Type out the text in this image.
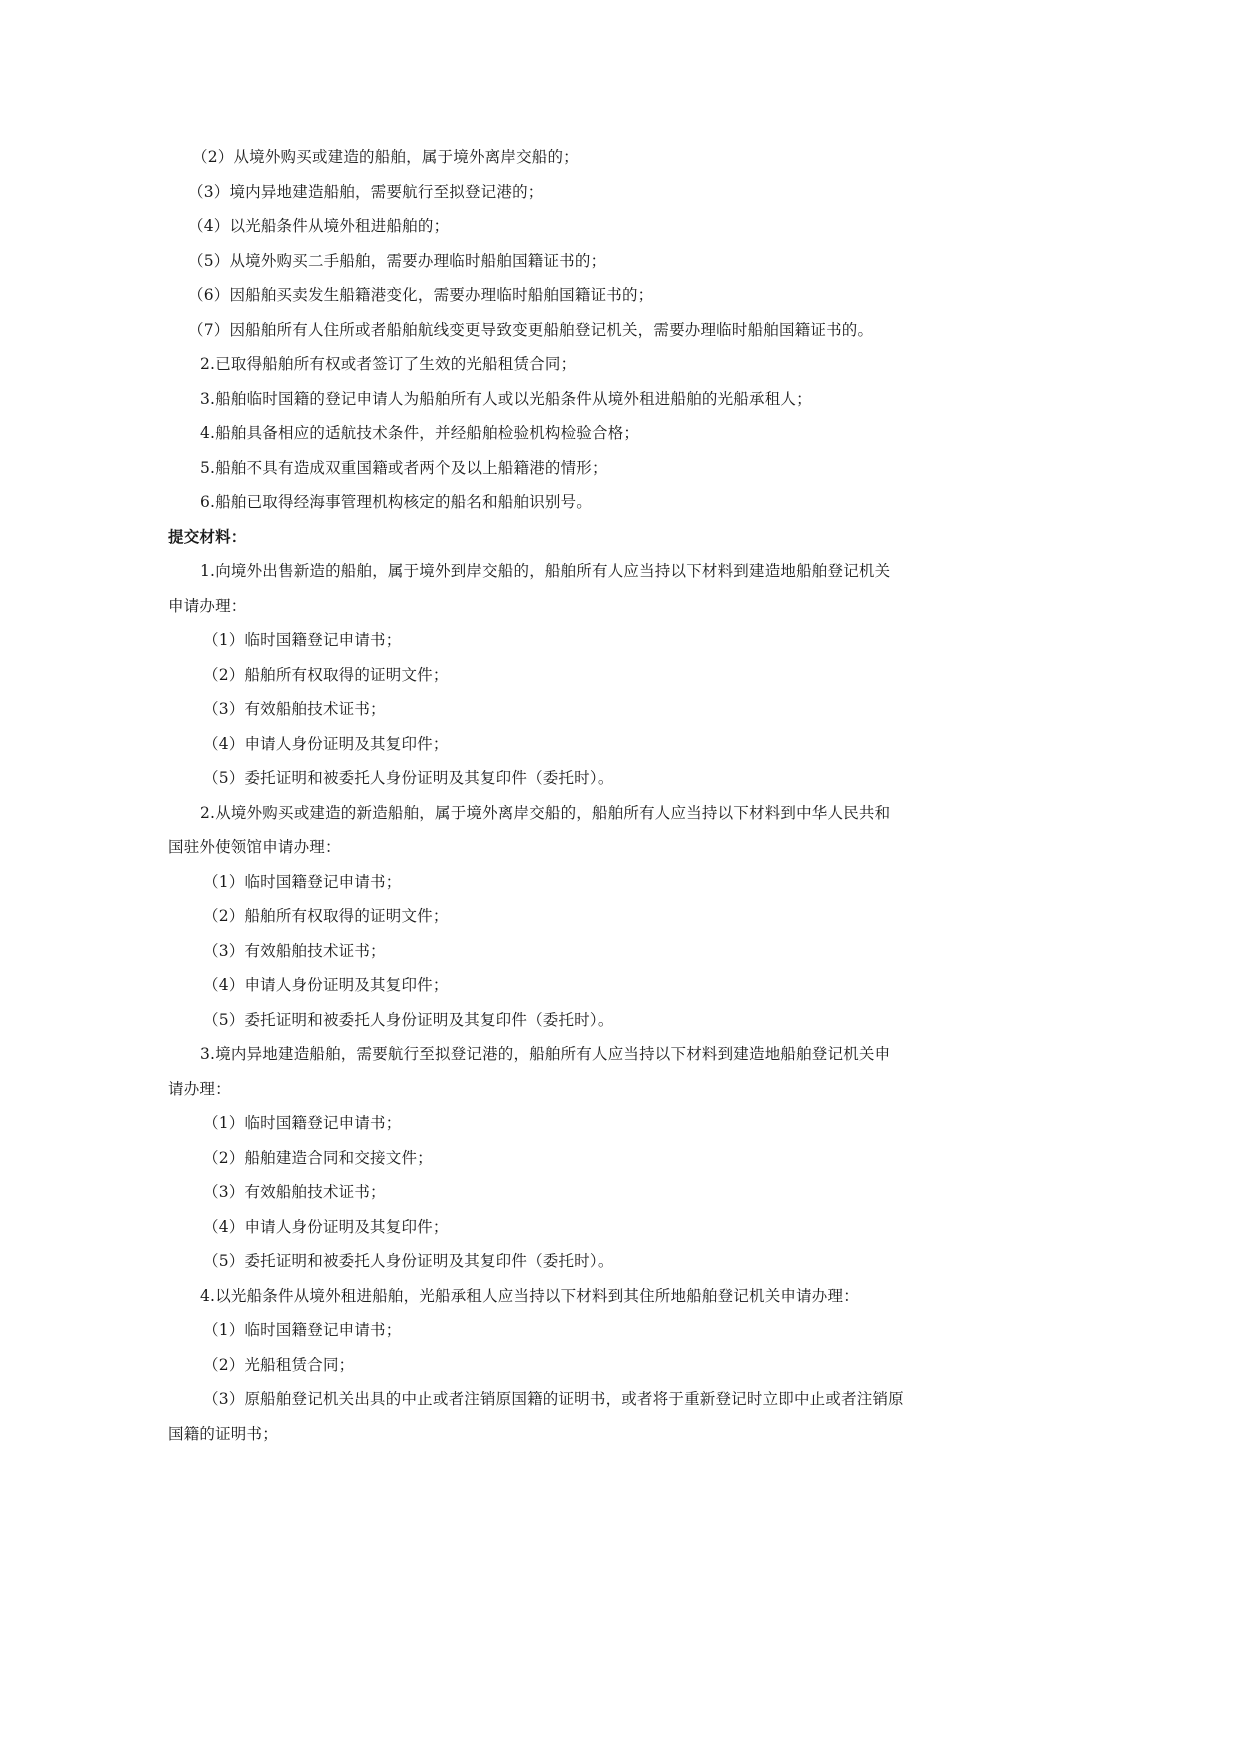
（2）从境外购买或建造的船舶，属于境外离岸交船的；
（3）境内异地建造船舶，需要航行至拟登记港的；
（4）以光船条件从境外租进船舶的；
（5）从境外购买二手船舶，需要办理临时船舶国籍证书的；
（6）因船舶买卖发生船籍港变化，需要办理临时船舶国籍证书的；
（7）因船舶所有人住所或者船舶航线变更导致变更船舶登记机关，需要办理临时船舶国籍证书的。
2.已取得船舶所有权或者签订了生效的光船租赁合同；
3.船舶临时国籍的登记申请人为船舶所有人或以光船条件从境外租进船舶的光船承租人；
4.船舶具备相应的适航技术条件，并经船舶检验机构检验合格；
5.船舶不具有造成双重国籍或者两个及以上船籍港的情形；
6.船舶已取得经海事管理机构核定的船名和船舶识别号。
提交材料：
1.向境外出售新造的船舶，属于境外到岸交船的，船舶所有人应当持以下材料到建造地船舶登记机关
申请办理：
（1）临时国籍登记申请书；
（2）船舶所有权取得的证明文件；
（3）有效船舶技术证书；
（4）申请人身份证明及其复印件；
（5）委托证明和被委托人身份证明及其复印件（委托时）。
2.从境外购买或建造的新造船舶，属于境外离岸交船的，船舶所有人应当持以下材料到中华人民共和
国驻外使领馆申请办理：
（1）临时国籍登记申请书；
（2）船舶所有权取得的证明文件；
（3）有效船舶技术证书；
（4）申请人身份证明及其复印件；
（5）委托证明和被委托人身份证明及其复印件（委托时）。
3.境内异地建造船舶，需要航行至拟登记港的，船舶所有人应当持以下材料到建造地船舶登记机关申
请办理：
（1）临时国籍登记申请书；
（2）船舶建造合同和交接文件；
（3）有效船舶技术证书；
（4）申请人身份证明及其复印件；
（5）委托证明和被委托人身份证明及其复印件（委托时）。
4.以光船条件从境外租进船舶，光船承租人应当持以下材料到其住所地船舶登记机关申请办理：
（1）临时国籍登记申请书；
（2）光船租赁合同；
（3）原船舶登记机关出具的中止或者注销原国籍的证明书，或者将于重新登记时立即中止或者注销原
国籍的证明书；
